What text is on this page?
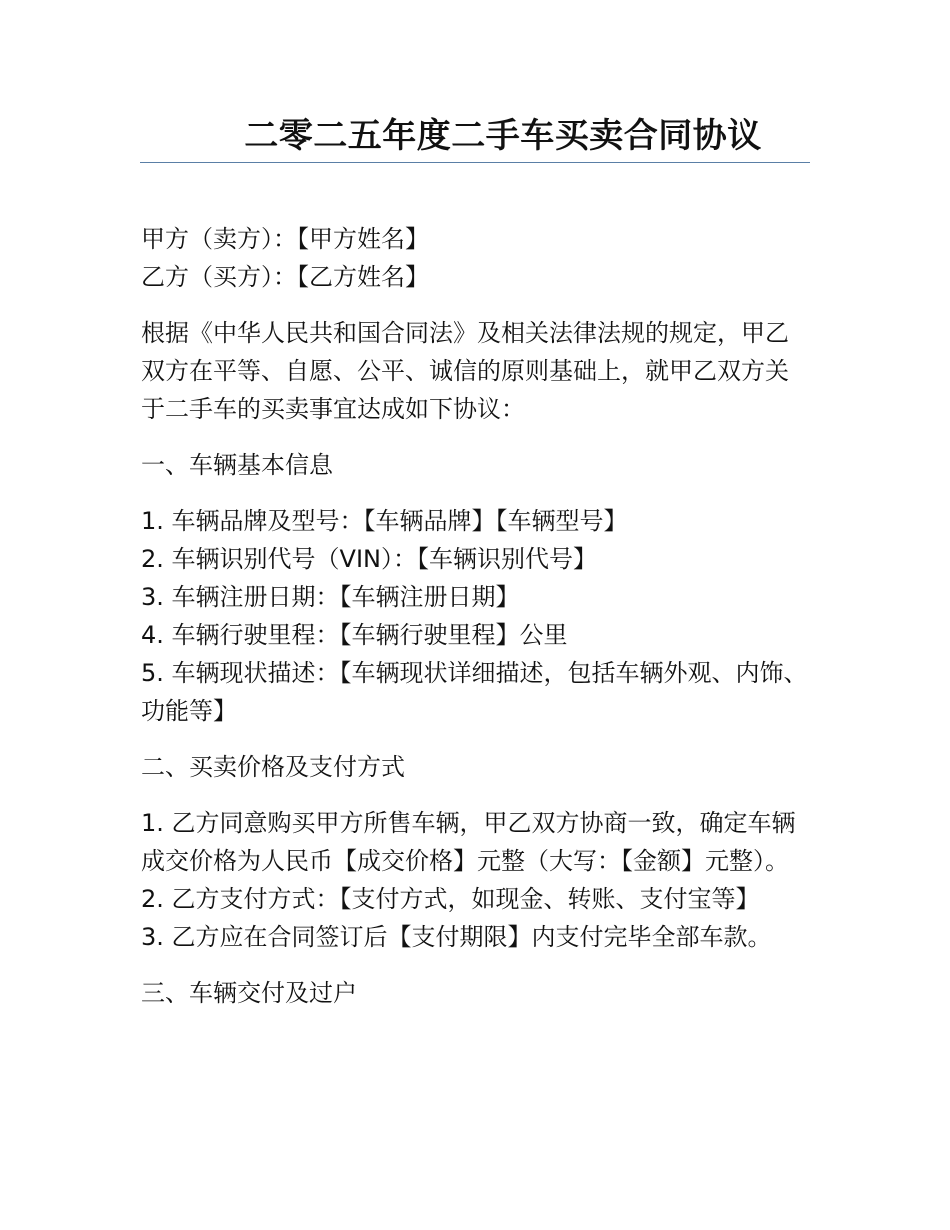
二零二五年度二手车买卖合同协议

甲方（卖方）：【甲方姓名】

乙方（买方）：【乙方姓名】

根据《中华人民共和国合同法》及相关法律法规的规定，甲乙双方在平等、自愿、公平、诚信的原则基础上，就甲乙双方关于二手车的买卖事宜达成如下协议：

一、车辆基本信息

1. 车辆品牌及型号：【车辆品牌】【车辆型号】

2. 车辆识别代号（VIN）：【车辆识别代号】

3. 车辆注册日期：【车辆注册日期】

4. 车辆行驶里程：【车辆行驶里程】公里

5. 车辆现状描述：【车辆现状详细描述，包括车辆外观、内饰、功能等】

二、买卖价格及支付方式

1. 乙方同意购买甲方所售车辆，甲乙双方协商一致，确定车辆成交价格为人民币【成交价格】元整（大写：【金额】元整）。

2. 乙方支付方式：【支付方式，如现金、转账、支付宝等】

3. 乙方应在合同签订后【支付期限】内支付完毕全部车款。

三、车辆交付及过户
